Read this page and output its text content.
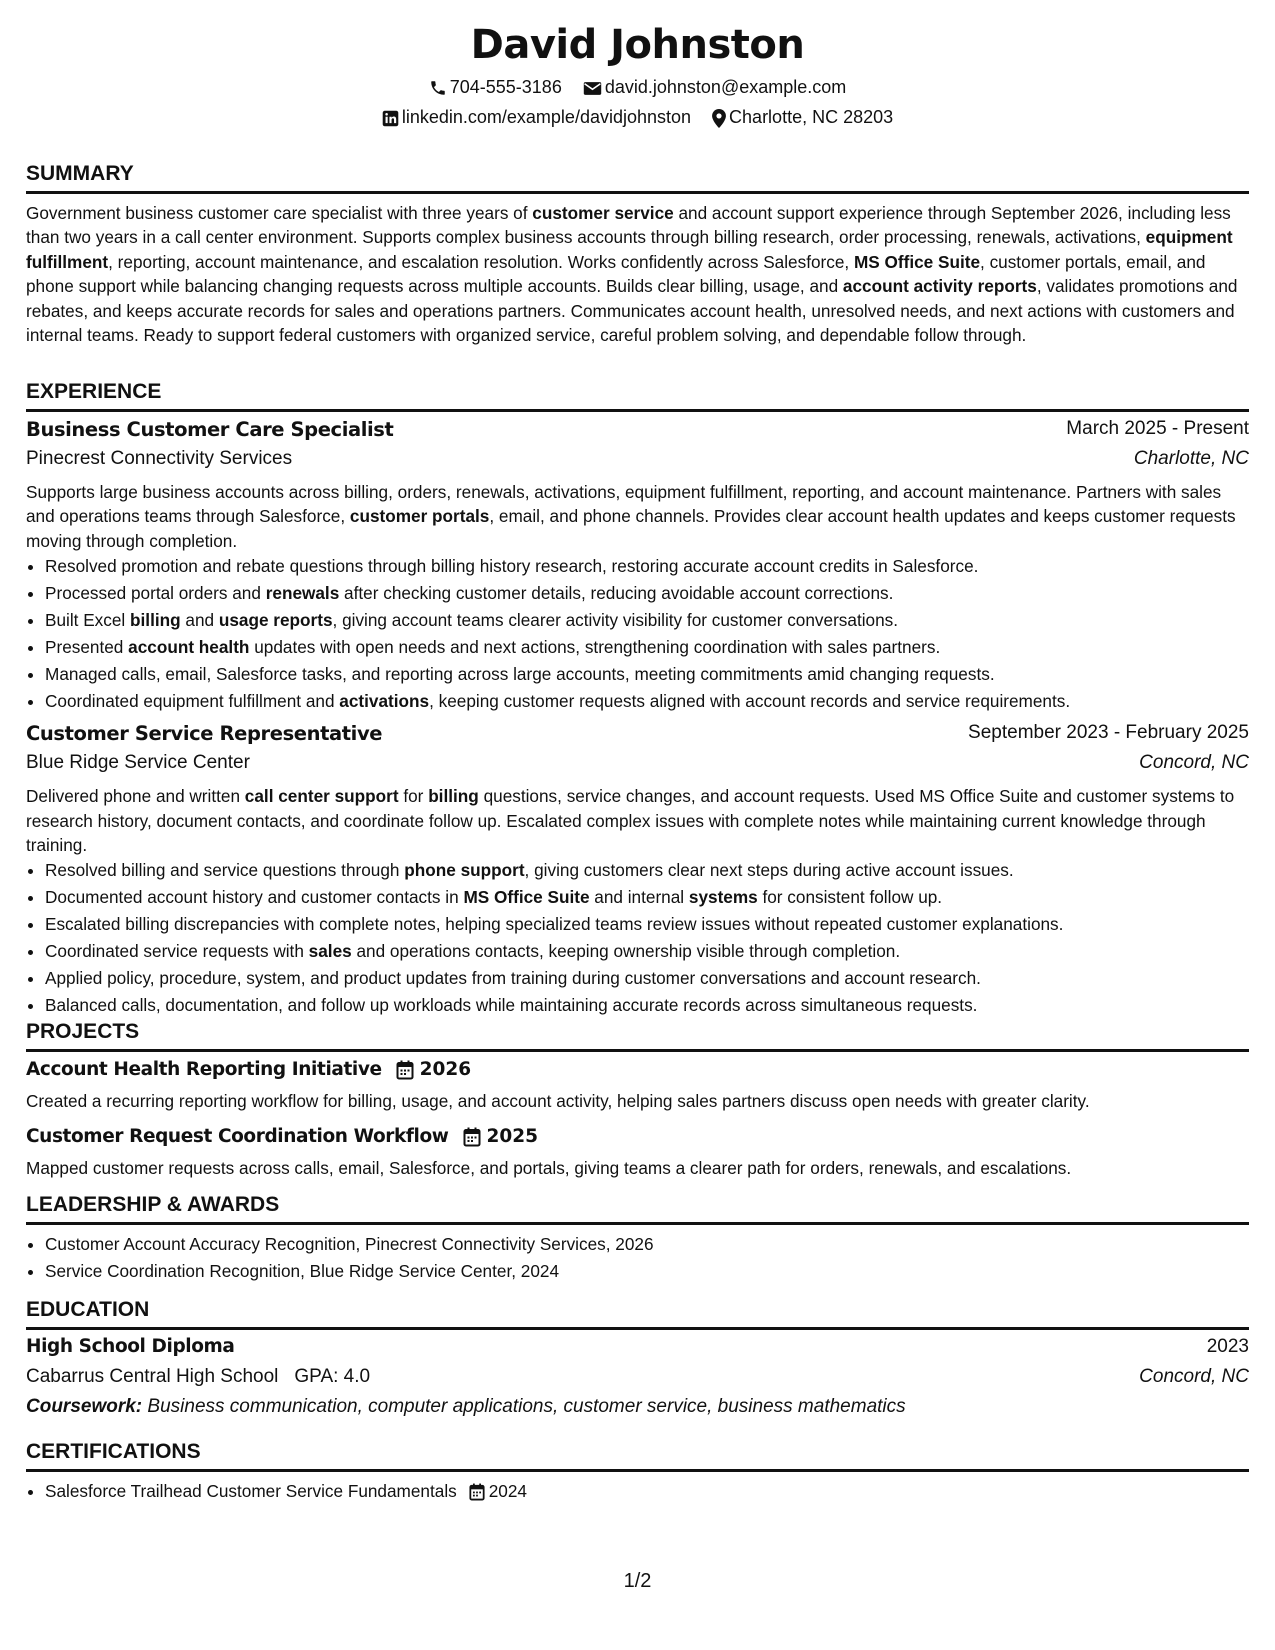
David Johnston
704-555-3186 david.johnston@example.com
linkedin.com/example/davidjohnston Charlotte, NC 28203
SUMMARY

Government business customer care specialist with three years of customer service and account support experience through September 2026, including less than two years in a call center environment. Supports complex business accounts through billing research, order processing, renewals, activations, equipment fulfillment, reporting, account maintenance, and escalation resolution. Works confidently across Salesforce, MS Office Suite, customer portals, email, and phone support while balancing changing requests across multiple accounts. Builds clear billing, usage, and account activity reports, validates promotions and rebates, and keeps accurate records for sales and operations partners. Communicates account health, unresolved needs, and next actions with customers and internal teams. Ready to support federal customers with organized service, careful problem solving, and dependable follow through.

EXPERIENCE
Business Customer Care Specialist	March 2025 - Present
Pinecrest Connectivity Services	Charlotte, NC

Supports large business accounts across billing, orders, renewals, activations, equipment fulfillment, reporting, and account maintenance. Partners with sales and operations teams through Salesforce, customer portals, email, and phone channels. Provides clear account health updates and keeps customer requests moving through completion.

• Resolved promotion and rebate questions through billing history research, restoring accurate account credits in Salesforce.
• Processed portal orders and renewals after checking customer details, reducing avoidable account corrections.
• Built Excel billing and usage reports, giving account teams clearer activity visibility for customer conversations.
• Presented account health updates with open needs and next actions, strengthening coordination with sales partners.
• Managed calls, email, Salesforce tasks, and reporting across large accounts, meeting commitments amid changing requests.
• Coordinated equipment fulfillment and activations, keeping customer requests aligned with account records and service requirements.
Customer Service Representative	September 2023 - February 2025
Blue Ridge Service Center	Concord, NC

Delivered phone and written call center support for billing questions, service changes, and account requests. Used MS Office Suite and customer systems to research history, document contacts, and coordinate follow up. Escalated complex issues with complete notes while maintaining current knowledge through training.

• Resolved billing and service questions through phone support, giving customers clear next steps during active account issues.
• Documented account history and customer contacts in MS Office Suite and internal systems for consistent follow up.
• Escalated billing discrepancies with complete notes, helping specialized teams review issues without repeated customer explanations.
• Coordinated service requests with sales and operations contacts, keeping ownership visible through completion.
• Applied policy, procedure, system, and product updates from training during customer conversations and account research.
• Balanced calls, documentation, and follow up workloads while maintaining accurate records across simultaneous requests.
PROJECTS
Account Health Reporting Initiative 2026

Created a recurring reporting workflow for billing, usage, and account activity, helping sales partners discuss open needs with greater clarity.

Customer Request Coordination Workflow 2025

Mapped customer requests across calls, email, Salesforce, and portals, giving teams a clearer path for orders, renewals, and escalations.

LEADERSHIP & AWARDS
• Customer Account Accuracy Recognition, Pinecrest Connectivity Services, 2026
• Service Coordination Recognition, Blue Ridge Service Center, 2024
EDUCATION
High School Diploma	2023
Cabarrus Central High School GPA: 4.0	Concord, NC
Coursework: Business communication, computer applications, customer service, business mathematics
CERTIFICATIONS
• Salesforce Trailhead Customer Service Fundamentals 2024
1/2
